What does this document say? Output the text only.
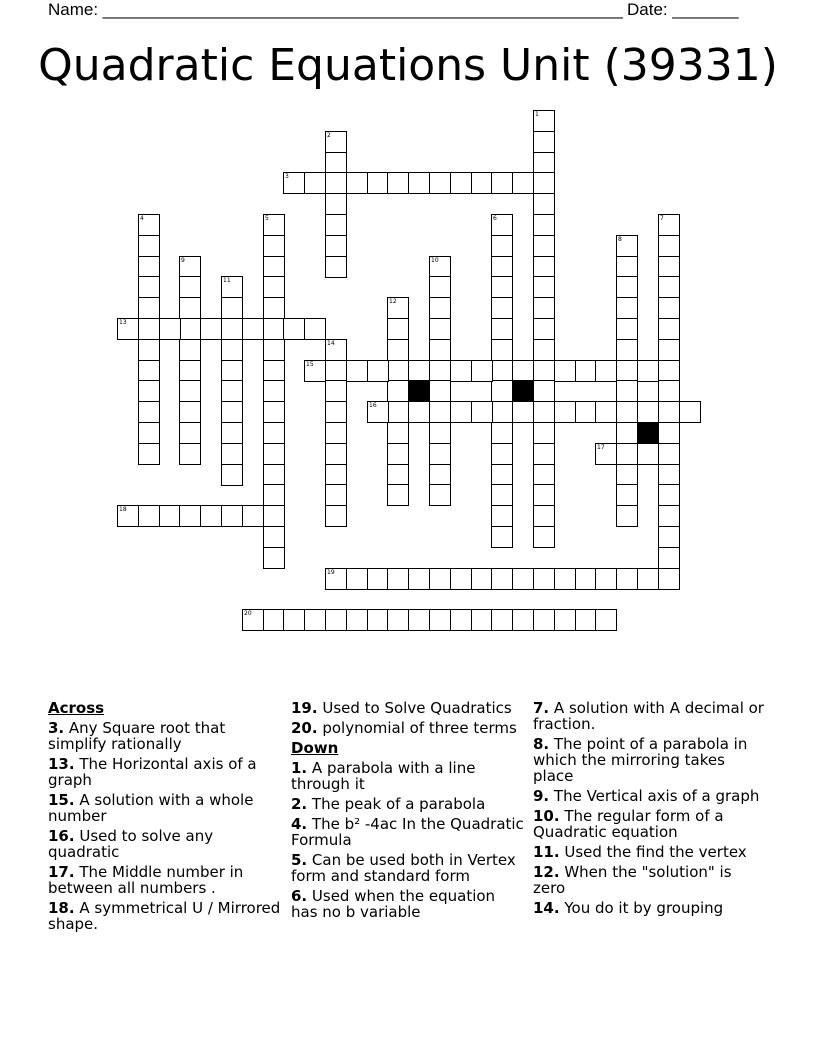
Name: _______________________________________________________ Date: _______
Quadratic Equations Unit (39331)
1
2
3
4	5	6	7
8
9	10
11
12
13
14
15
16
17
18
19
20
Across
3. Any Square root that simplify rationally
13. The Horizontal axis of a graph
15. A solution with a whole number
16. Used to solve any quadratic
17. The Middle number in between all numbers .
18. A symmetrical U / Mirrored shape.
19. Used to Solve Quadratics
20. polynomial of three terms
Down
1. A parabola with a line through it
2. The peak of a parabola
4. The b² -4ac In the Quadratic Formula
5. Can be used both in Vertex form and standard form
6. Used when the equation has no b variable
7. A solution with A decimal or fraction.
8. The point of a parabola in which the mirroring takes place
9. The Vertical axis of a graph
10. The regular form of a Quadratic equation
11. Used the find the vertex
12. When the "solution" is zero
14. You do it by grouping
